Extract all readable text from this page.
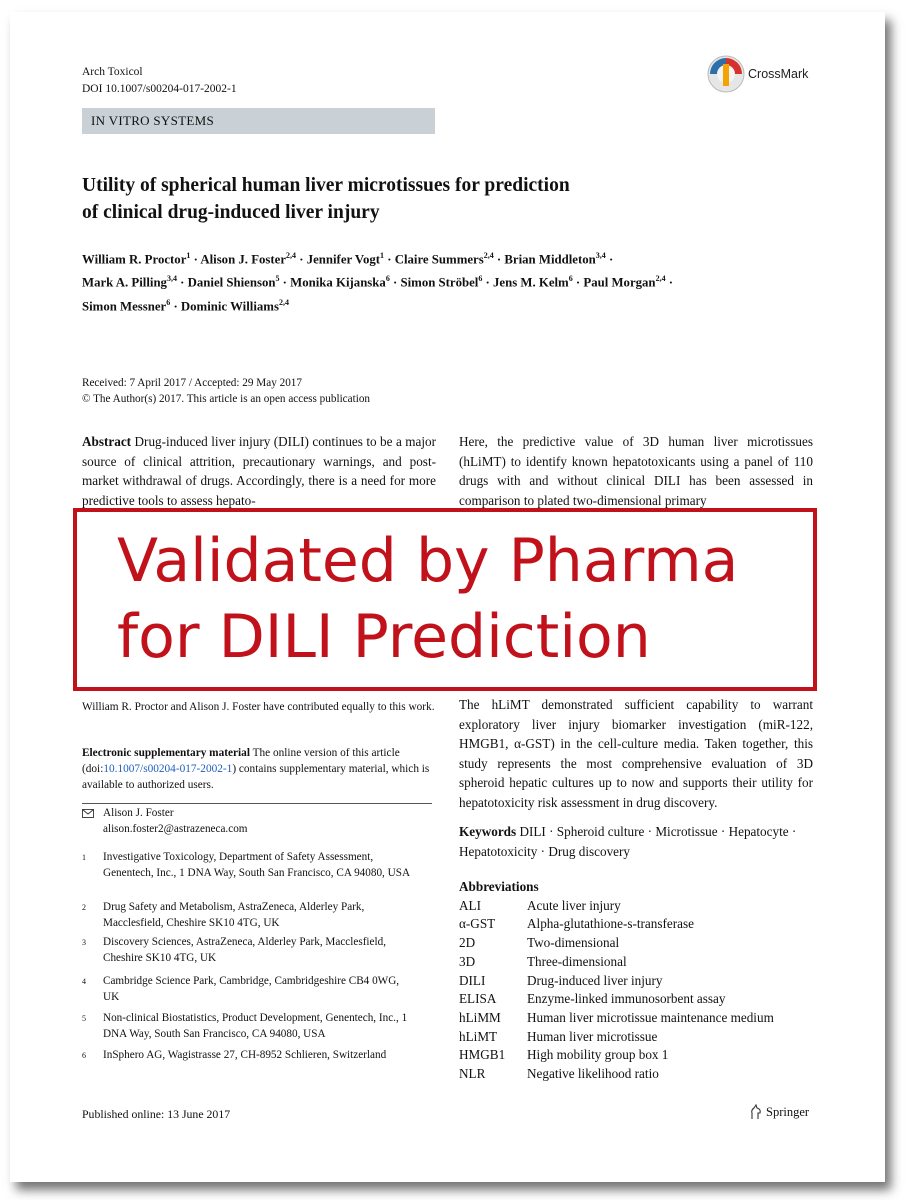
Arch Toxicol
DOI 10.1007/s00204-017-2002-1
CrossMark
IN VITRO SYSTEMS
Utility of spherical human liver microtissues for prediction
of clinical drug-induced liver injury
William R. Proctor$^1$ · Alison J. Foster$^{2,4}$ · Jennifer Vogt$^1$ · Claire Summers$^{2,4}$ · Brian Middleton$^{3,4}$ ·
Mark A. Pilling$^{3,4}$ · Daniel Shienson$^5$ · Monika Kijanska$^6$ · Simon Ströbel$^6$ · Jens M. Kelm$^6$ · Paul Morgan$^{2,4}$ ·
Simon Messner$^6$ · Dominic Williams$^{2,4}$
Received: 7 April 2017 / Accepted: 29 May 2017
© The Author(s) 2017. This article is an open access publication
Abstract Drug-induced liver injury (DILI) continues to be a major source of clinical attrition, precautionary warnings, and post-market withdrawal of drugs. Accordingly, there is a need for more predictive tools to assess hepato-
Here, the predictive value of 3D human liver microtissues (hLiMT) to identify known hepatotoxicants using a panel of 110 drugs with and without clinical DILI has been assessed in comparison to plated two-dimensional primary
William R. Proctor and Alison J. Foster have contributed equally to this work.
Electronic supplementary material The online version of this article (doi:10.1007/s00204-017-2002-1) contains supplementary material, which is available to authorized users.
Alison J. Foster
alison.foster2@astrazeneca.com
1	Investigative Toxicology, Department of Safety Assessment, Genentech, Inc., 1 DNA Way, South San Francisco, CA 94080, USA
2	Drug Safety and Metabolism, AstraZeneca, Alderley Park, Macclesfield, Cheshire SK10 4TG, UK
3	Discovery Sciences, AstraZeneca, Alderley Park, Macclesfield, Cheshire SK10 4TG, UK
4	Cambridge Science Park, Cambridge, Cambridgeshire CB4 0WG, UK
5	Non-clinical Biostatistics, Product Development, Genentech, Inc., 1 DNA Way, South San Francisco, CA 94080, USA
6	InSphero AG, Wagistrasse 27, CH-8952 Schlieren, Switzerland
The hLiMT demonstrated sufficient capability to warrant exploratory liver injury biomarker investigation (miR-122, HMGB1, α-GST) in the cell-culture media. Taken together, this study represents the most comprehensive evaluation of 3D spheroid hepatic cultures up to now and supports their utility for hepatotoxicity risk assessment in drug discovery.
Keywords DILI · Spheroid culture · Microtissue · Hepatocyte · Hepatotoxicity · Drug discovery
Abbreviations
ALI	Acute liver injury
α-GST	Alpha-glutathione-s-transferase
2D	Two-dimensional
3D	Three-dimensional
DILI	Drug-induced liver injury
ELISA	Enzyme-linked immunosorbent assay
hLiMM	Human liver microtissue maintenance medium
hLiMT	Human liver microtissue
HMGB1	High mobility group box 1
NLR	Negative likelihood ratio
Validated by Pharma
for DILI Prediction
Published online: 13 June 2017	Springer
